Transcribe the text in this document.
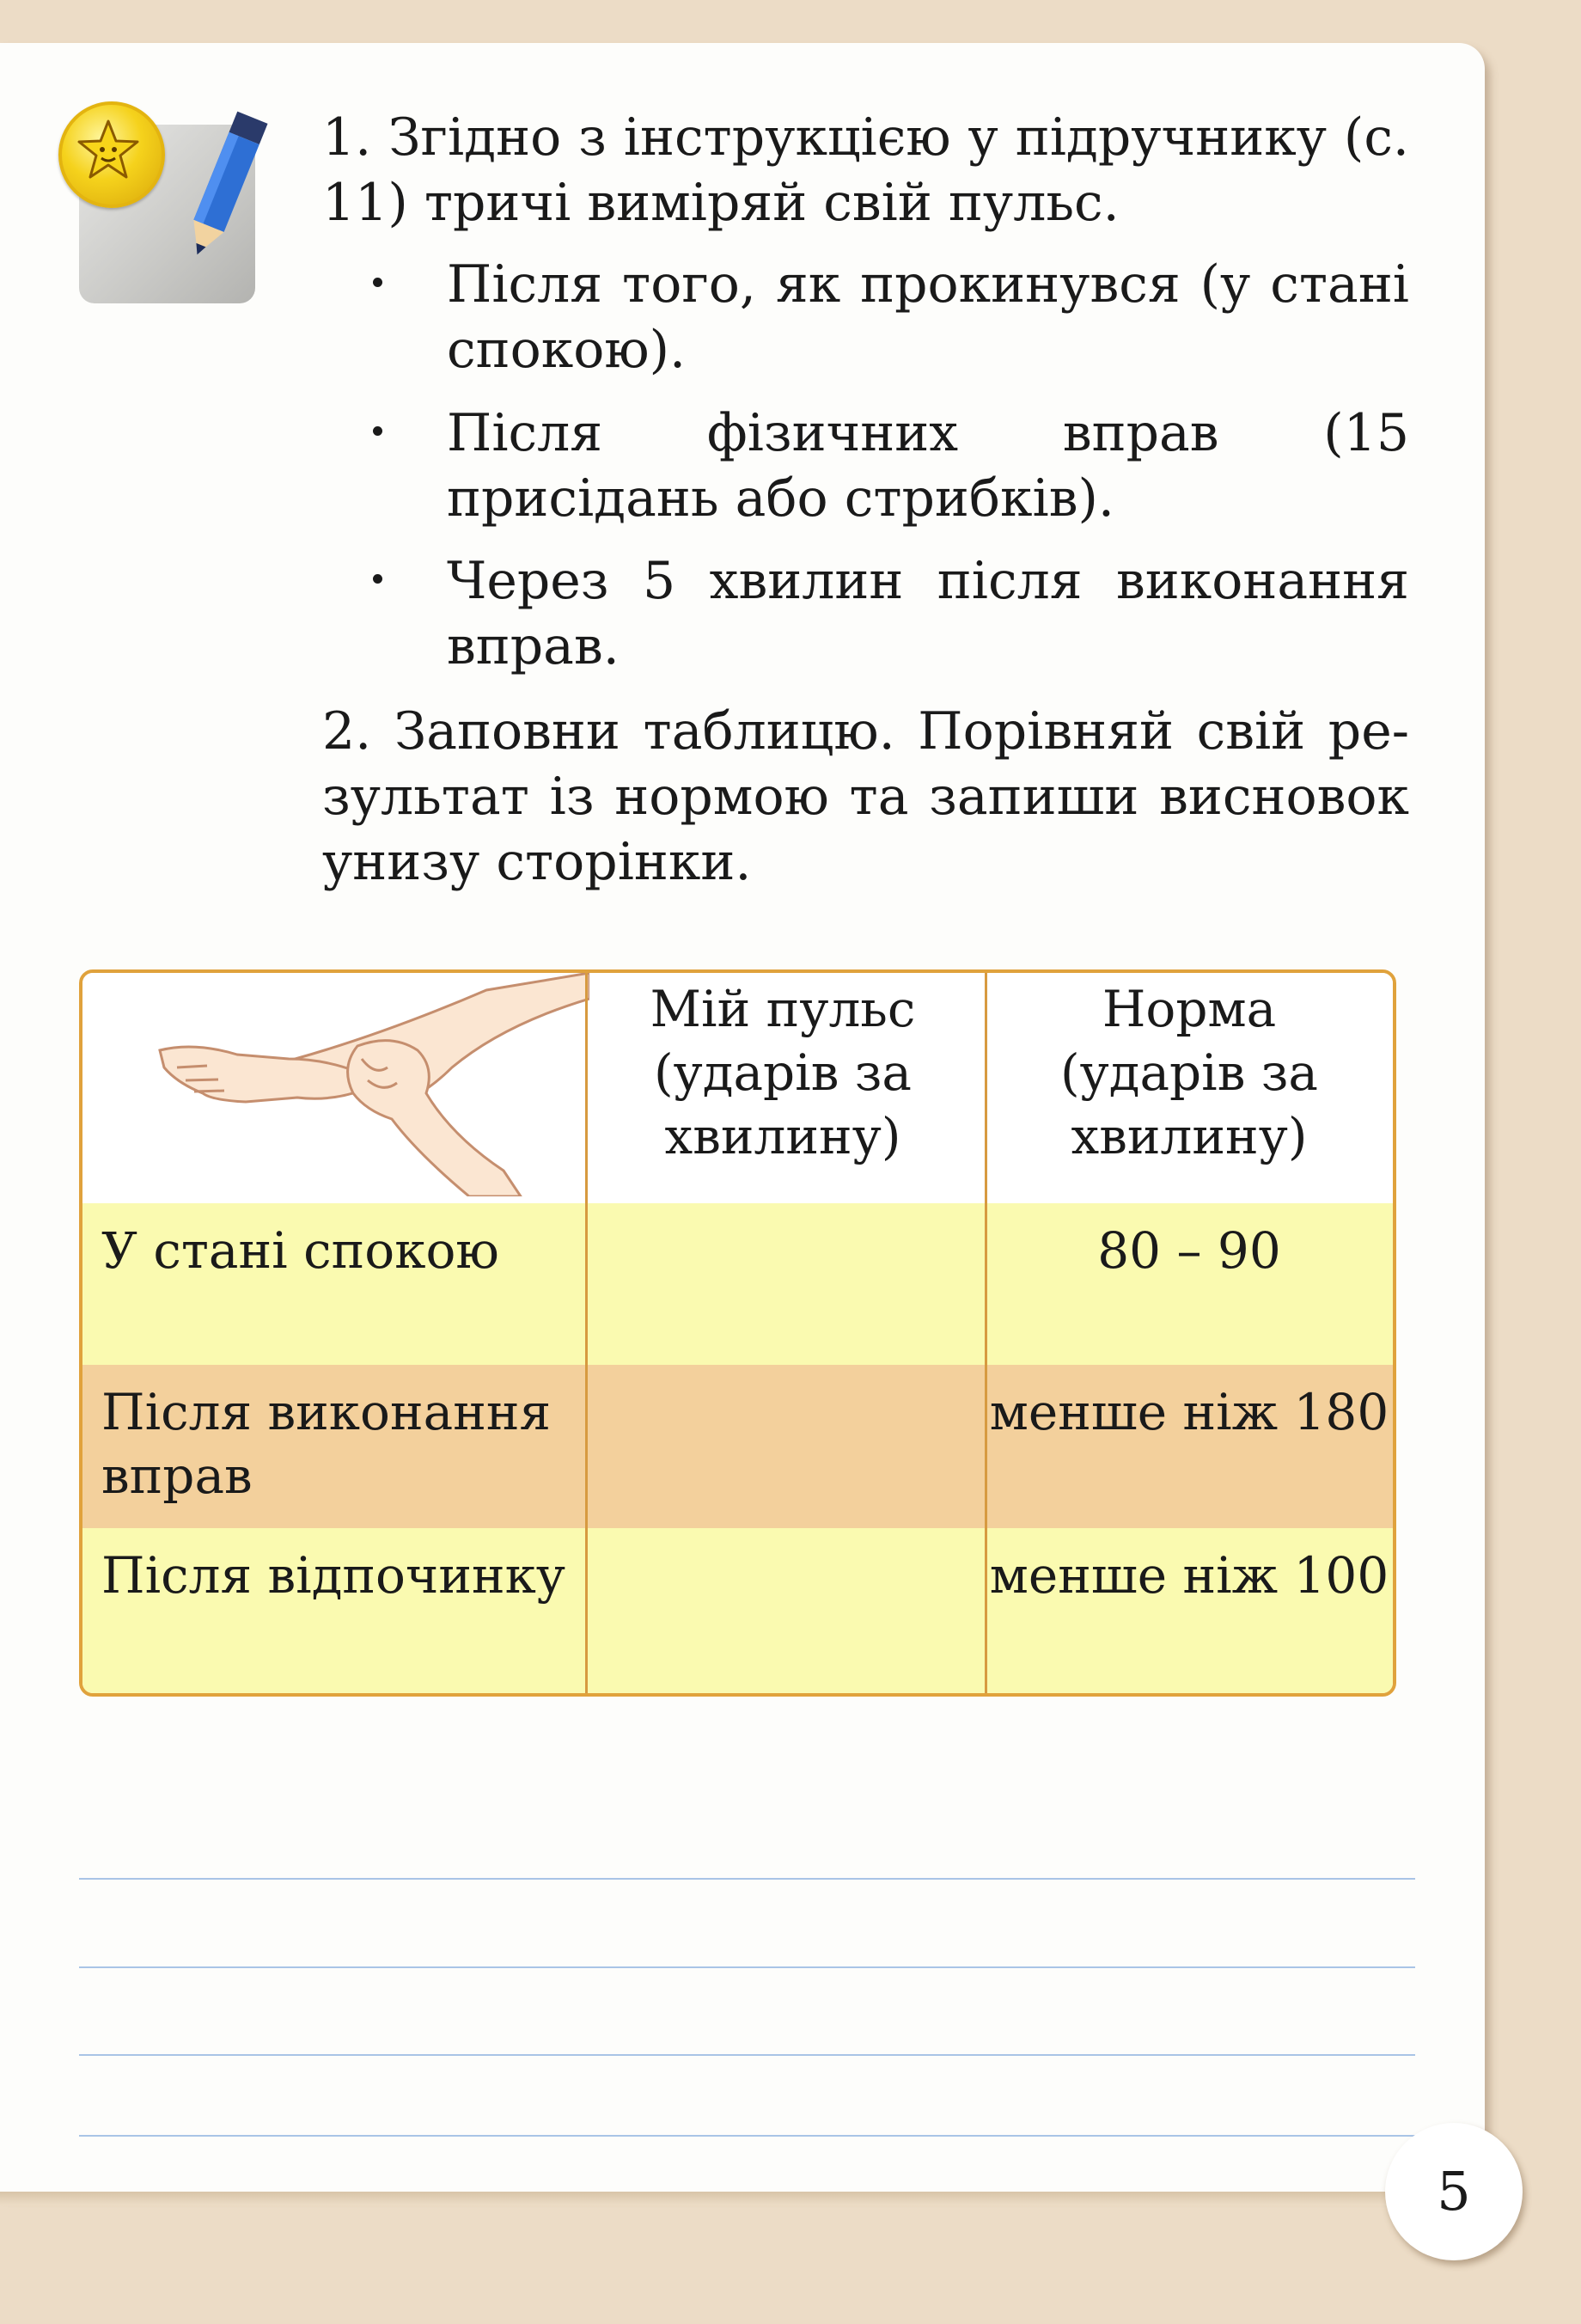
1. Згідно з інструкцією у підручнику (с. 11) тричі виміряй свій пульс.
Після того, як прокинувся (у стані спокою).
Після фізичних вправ (15 присідань або стрибків).
Через 5 хвилин після виконання вправ.
2. Заповни таблицю. Порівняй свій результат із нормою та запиши висновок унизу сторінки.
Мій пульс
(ударів за
хвилину)
Норма
(ударів за
хвилину)
У стані спокою	80 – 90
Після виконання вправ
менше ніж 180
Після відпочинку	менше ніж 100
5
